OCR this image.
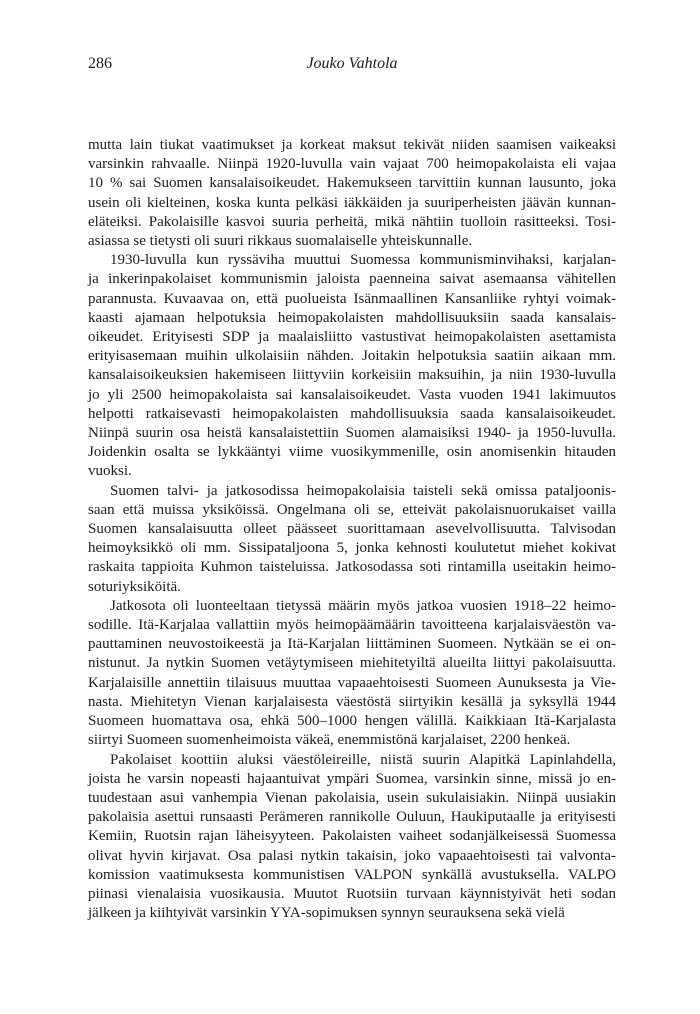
286	Jouko Vahtola

mutta lain tiukat vaatimukset ja korkeat maksut tekivät niiden saamisen vaikeaksi
varsinkin rahvaalle. Niinpä 1920-luvulla vain vajaat 700 heimopakolaista eli vajaa
10 % sai Suomen kansalaisoikeudet. Hakemukseen tarvittiin kunnan lausunto, joka
usein oli kielteinen, koska kunta pelkäsi iäkkäiden ja suuriperheisten jäävän kunnan-
eläteiksi. Pakolaisille kasvoi suuria perheitä, mikä nähtiin tuolloin rasitteeksi. Tosi-
asiassa se tietysti oli suuri rikkaus suomalaiselle yhteiskunnalle.

1930-luvulla kun ryssäviha muuttui Suomessa kommunisminvihaksi, karjalan-
ja inkerinpakolaiset kommunismin jaloista paenneina saivat asemaansa vähitellen
parannusta. Kuvaavaa on, että puolueista Isänmaallinen Kansanliike ryhtyi voimak-
kaasti ajamaan helpotuksia heimopakolaisten mahdollisuuksiin saada kansalais-
oikeudet. Erityisesti SDP ja maalaisliitto vastustivat heimopakolaisten asettamista
erityisasemaan muihin ulkolaisiin nähden. Joitakin helpotuksia saatiin aikaan mm.
kansalaisoikeuksien hakemiseen liittyviin korkeisiin maksuihin, ja niin 1930-luvulla
jo yli 2500 heimopakolaista sai kansalaisoikeudet. Vasta vuoden 1941 lakimuutos
helpotti ratkaisevasti heimopakolaisten mahdollisuuksia saada kansalaisoikeudet.
Niinpä suurin osa heistä kansalaistettiin Suomen alamaisiksi 1940- ja 1950-luvulla.
Joidenkin osalta se lykkääntyi viime vuosikymmenille, osin anomisenkin hitauden
vuoksi.

Suomen talvi- ja jatkosodissa heimopakolaisia taisteli sekä omissa pataljoonis-
saan että muissa yksiköissä. Ongelmana oli se, etteivät pakolaisnuorukaiset vailla
Suomen kansalaisuutta olleet päässeet suorittamaan asevelvollisuutta. Talvisodan
heimoyksikkö oli mm. Sissipataljoona 5, jonka kehnosti koulutetut miehet kokivat
raskaita tappioita Kuhmon taisteluissa. Jatkosodassa soti rintamilla useitakin heimo-
soturiyksiköitä.

Jatkosota oli luonteeltaan tietyssä määrin myös jatkoa vuosien 1918–22 heimo-
sodille. Itä-Karjalaa vallattiin myös heimopäämäärin tavoitteena karjalaisväestön va-
pauttaminen neuvostoikeestä ja Itä-Karjalan liittäminen Suomeen. Nytkään se ei on-
nistunut. Ja nytkin Suomen vetäytymiseen miehitetyiltä alueilta liittyi pakolaisuutta.
Karjalaisille annettiin tilaisuus muuttaa vapaaehtoisesti Suomeen Aunuksesta ja Vie-
nasta. Miehitetyn Vienan karjalaisesta väestöstä siirtyikin kesällä ja syksyllä 1944
Suomeen huomattava osa, ehkä 500–1000 hengen välillä. Kaikkiaan Itä-Karjalasta
siirtyi Suomeen suomenheimoista väkeä, enemmistönä karjalaiset, 2200 henkeä.

Pakolaiset koottiin aluksi väestöleireille, niistä suurin Alapitkä Lapinlahdella,
joista he varsin nopeasti hajaantuivat ympäri Suomea, varsinkin sinne, missä jo en-
tuudestaan asui vanhempia Vienan pakolaisia, usein sukulaisiakin. Niinpä uusiakin
pakolaisia asettui runsaasti Perämeren rannikolle Ouluun, Haukiputaalle ja erityisesti
Kemiin, Ruotsin rajan läheisyyteen. Pakolaisten vaiheet sodanjälkeisessä Suomessa
olivat hyvin kirjavat. Osa palasi nytkin takaisin, joko vapaaehtoisesti tai valvonta-
komission vaatimuksesta kommunistisen VALPON synkällä avustuksella. VALPO
piinasi vienalaisia vuosikausia. Muutot Ruotsiin turvaan käynnistyivät heti sodan
jälkeen ja kiihtyivät varsinkin YYA-sopimuksen synnyn seurauksena sekä vielä
